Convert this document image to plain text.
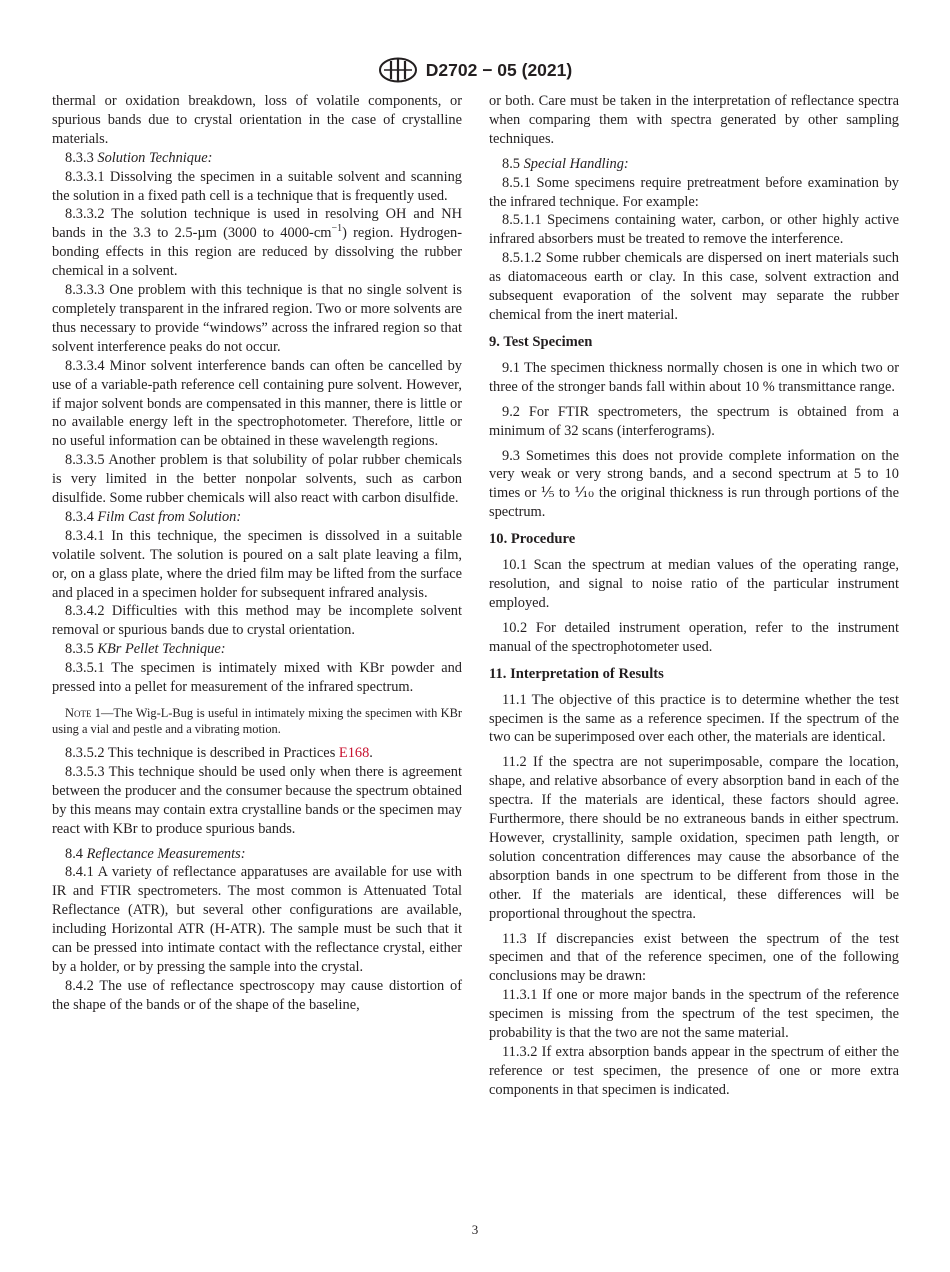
D2702 − 05 (2021)

thermal or oxidation breakdown, loss of volatile components, or spurious bands due to crystal orientation in the case of crystalline materials.

8.3.3 Solution Technique:

8.3.3.1 Dissolving the specimen in a suitable solvent and scanning the solution in a fixed path cell is a technique that is frequently used.

8.3.3.2 The solution technique is used in resolving OH and NH bands in the 3.3 to 2.5-µm (3000 to $4000-cm^{-1}$) region. Hydrogen-bonding effects in this region are reduced by dissolving the rubber chemical in a solvent.

8.3.3.3 One problem with this technique is that no single solvent is completely transparent in the infrared region. Two or more solvents are thus necessary to provide “windows” across the infrared region so that solvent interference peaks do not occur.

8.3.3.4 Minor solvent interference bands can often be cancelled by use of a variable-path reference cell containing pure solvent. However, if major solvent bonds are compensated in this manner, there is little or no available energy left in the spectrophotometer. Therefore, little or no useful information can be obtained in these wavelength regions.

8.3.3.5 Another problem is that solubility of polar rubber chemicals is very limited in the better nonpolar solvents, such as carbon disulfide. Some rubber chemicals will also react with carbon disulfide.

8.3.4 Film Cast from Solution:

8.3.4.1 In this technique, the specimen is dissolved in a suitable volatile solvent. The solution is poured on a salt plate leaving a film, or, on a glass plate, where the dried film may be lifted from the surface and placed in a specimen holder for subsequent infrared analysis.

8.3.4.2 Difficulties with this method may be incomplete solvent removal or spurious bands due to crystal orientation.

8.3.5 KBr Pellet Technique:

8.3.5.1 The specimen is intimately mixed with KBr powder and pressed into a pellet for measurement of the infrared spectrum.

Note 1—The Wig-L-Bug is useful in intimately mixing the specimen with KBr using a vial and pestle and a vibrating motion.

8.3.5.2 This technique is described in Practices E168.

8.3.5.3 This technique should be used only when there is agreement between the producer and the consumer because the spectrum obtained by this means may contain extra crystalline bands or the specimen may react with KBr to produce spurious bands.

8.4 Reflectance Measurements:

8.4.1 A variety of reflectance apparatuses are available for use with IR and FTIR spectrometers. The most common is Attenuated Total Reflectance (ATR), but several other configurations are available, including Horizontal ATR (H-ATR). The sample must be such that it can be pressed into intimate contact with the reflectance crystal, either by a holder, or by pressing the sample into the crystal.

8.4.2 The use of reflectance spectroscopy may cause distortion of the shape of the bands or of the shape of the baseline,

or both. Care must be taken in the interpretation of reflectance spectra when comparing them with spectra generated by other sampling techniques.

8.5 Special Handling:

8.5.1 Some specimens require pretreatment before examination by the infrared technique. For example:

8.5.1.1 Specimens containing water, carbon, or other highly active infrared absorbers must be treated to remove the interference.

8.5.1.2 Some rubber chemicals are dispersed on inert materials such as diatomaceous earth or clay. In this case, solvent extraction and subsequent evaporation of the solvent may separate the rubber chemical from the inert material.

9. Test Specimen

9.1 The specimen thickness normally chosen is one in which two or three of the stronger bands fall within about 10 % transmittance range.

9.2 For FTIR spectrometers, the spectrum is obtained from a minimum of 32 scans (interferograms).

9.3 Sometimes this does not provide complete information on the very weak or very strong bands, and a second spectrum at 5 to 10 times or ⅕ to ⅒ the original thickness is run through portions of the spectrum.

10. Procedure

10.1 Scan the spectrum at median values of the operating range, resolution, and signal to noise ratio of the particular instrument employed.

10.2 For detailed instrument operation, refer to the instrument manual of the spectrophotometer used.

11. Interpretation of Results

11.1 The objective of this practice is to determine whether the test specimen is the same as a reference specimen. If the spectrum of the two can be superimposed over each other, the materials are identical.

11.2 If the spectra are not superimposable, compare the location, shape, and relative absorbance of every absorption band in each of the spectra. If the materials are identical, these factors should agree. Furthermore, there should be no extraneous bands in either spectrum. However, crystallinity, sample oxidation, specimen path length, or solution concentration differences may cause the absorbance of the absorption bands in one spectrum to be different from those in the other. If the materials are identical, these differences will be proportional throughout the spectra.

11.3 If discrepancies exist between the spectrum of the test specimen and that of the reference specimen, one of the following conclusions may be drawn:

11.3.1 If one or more major bands in the spectrum of the reference specimen is missing from the spectrum of the test specimen, the probability is that the two are not the same material.

11.3.2 If extra absorption bands appear in the spectrum of either the reference or test specimen, the presence of one or more extra components in that specimen is indicated.

3
